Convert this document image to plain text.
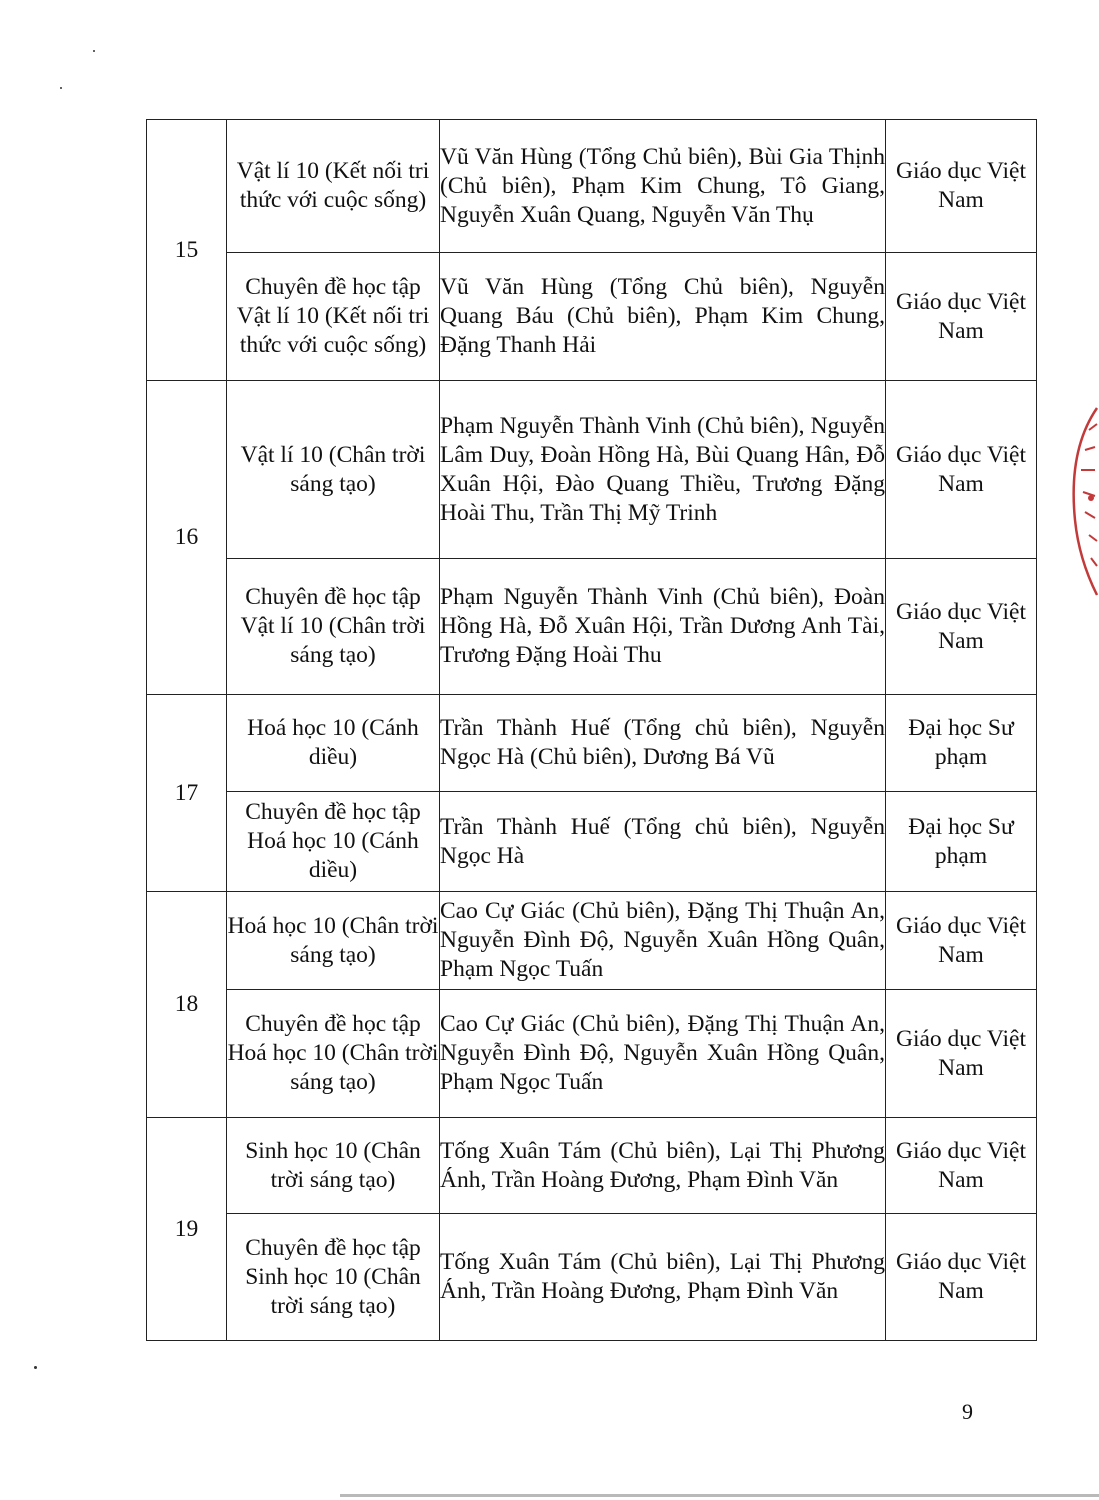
15	Vật lí 10 (Kết nối tri thức với cuộc sống)	Vũ Văn Hùng (Tổng Chủ biên), Bùi Gia Thịnh (Chủ biên), Phạm Kim Chung, Tô Giang, Nguyễn Xuân Quang, Nguyễn Văn Thụ	Giáo dục Việt Nam
	Chuyên đề học tập Vật lí 10 (Kết nối tri thức với cuộc sống)	Vũ Văn Hùng (Tổng Chủ biên), Nguyễn Quang Báu (Chủ biên), Phạm Kim Chung, Đặng Thanh Hải	Giáo dục Việt Nam
16	Vật lí 10 (Chân trời sáng tạo)	Phạm Nguyễn Thành Vinh (Chủ biên), Nguyễn Lâm Duy, Đoàn Hồng Hà, Bùi Quang Hân, Đỗ Xuân Hội, Đào Quang Thiều, Trương Đặng Hoài Thu, Trần Thị Mỹ Trinh	Giáo dục Việt Nam
	Chuyên đề học tập Vật lí 10 (Chân trời sáng tạo)	Phạm Nguyễn Thành Vinh (Chủ biên), Đoàn Hồng Hà, Đỗ Xuân Hội, Trần Dương Anh Tài, Trương Đặng Hoài Thu	Giáo dục Việt Nam
17	Hoá học 10 (Cánh diều)	Trần Thành Huế (Tổng chủ biên), Nguyễn Ngọc Hà (Chủ biên), Dương Bá Vũ	Đại học Sư phạm
	Chuyên đề học tập Hoá học 10 (Cánh diều)	Trần Thành Huế (Tổng chủ biên), Nguyễn Ngọc Hà	Đại học Sư phạm
18	Hoá học 10 (Chân trời sáng tạo)	Cao Cự Giác (Chủ biên), Đặng Thị Thuận An, Nguyễn Đình Độ, Nguyễn Xuân Hồng Quân, Phạm Ngọc Tuấn	Giáo dục Việt Nam
	Chuyên đề học tập Hoá học 10 (Chân trời sáng tạo)	Cao Cự Giác (Chủ biên), Đặng Thị Thuận An, Nguyễn Đình Độ, Nguyễn Xuân Hồng Quân, Phạm Ngọc Tuấn	Giáo dục Việt Nam
19	Sinh học 10 (Chân trời sáng tạo)	Tống Xuân Tám (Chủ biên), Lại Thị Phương Ánh, Trần Hoàng Đương, Phạm Đình Văn	Giáo dục Việt Nam
	Chuyên đề học tập Sinh học 10 (Chân trời sáng tạo)	Tống Xuân Tám (Chủ biên), Lại Thị Phương Ánh, Trần Hoàng Đương, Phạm Đình Văn	Giáo dục Việt Nam
9
